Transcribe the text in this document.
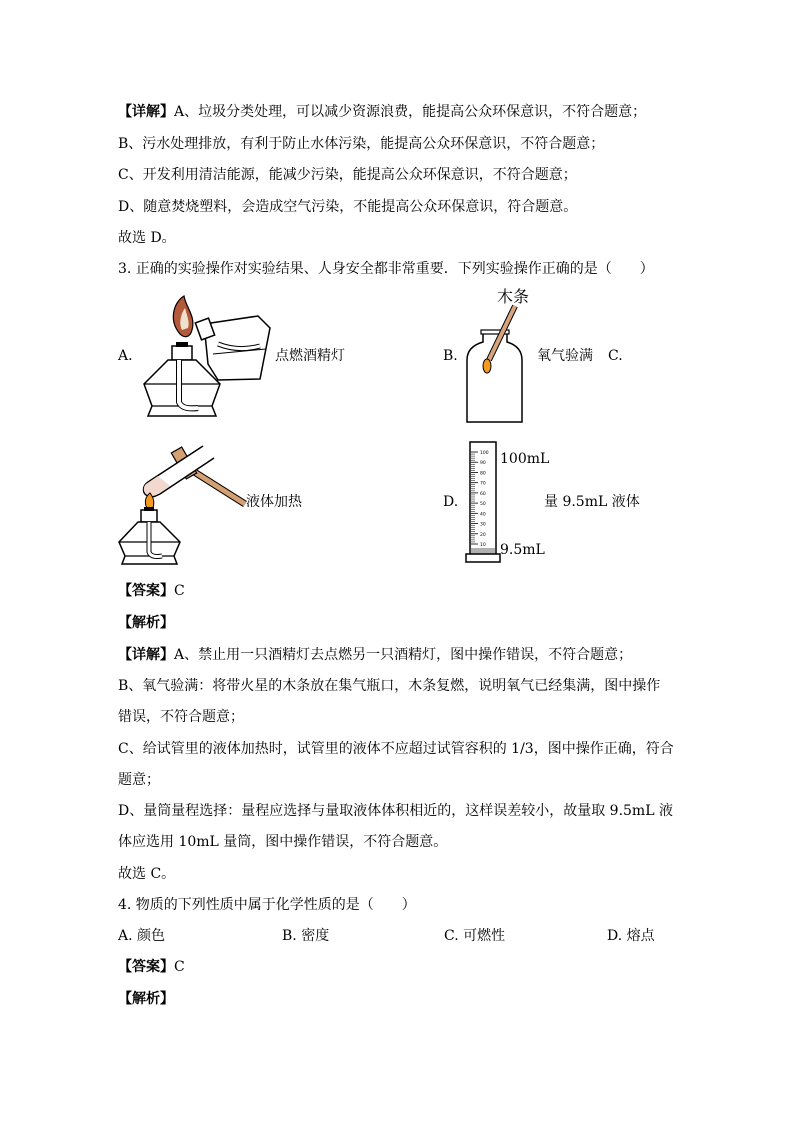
【详解】A、垃圾分类处理，可以减少资源浪费，能提高公众环保意识，不符合题意；
B、污水处理排放，有利于防止水体污染，能提高公众环保意识，不符合题意；
C、开发利用清洁能源，能减少污染，能提高公众环保意识，不符合题意；
D、随意焚烧塑料，会造成空气污染，不能提高公众环保意识，符合题意。
故选 D。
3. 正确的实验操作对实验结果、人身安全都非常重要．下列实验操作正确的是（　　）
A.	点燃酒精灯	B.
木条
氧气验满 C.
液体加热	D.
100
90
80
70
60
50
40
30
20
10
100mL
9.5mL
量 9.5mL 液体
【答案】C
【解析】
【详解】A、禁止用一只酒精灯去点燃另一只酒精灯，图中操作错误，不符合题意；
B、氧气验满：将带火星的木条放在集气瓶口，木条复燃，说明氧气已经集满，图中操作
错误，不符合题意；
C、给试管里的液体加热时，试管里的液体不应超过试管容积的 1/3，图中操作正确，符合
题意；
D、量筒量程选择：量程应选择与量取液体体积相近的，这样误差较小，故量取 9.5mL 液
体应选用 10mL 量筒，图中操作错误，不符合题意。
故选 C。
4. 物质的下列性质中属于化学性质的是（　　）
A. 颜色	B. 密度	C. 可燃性	D. 熔点
【答案】C
【解析】
